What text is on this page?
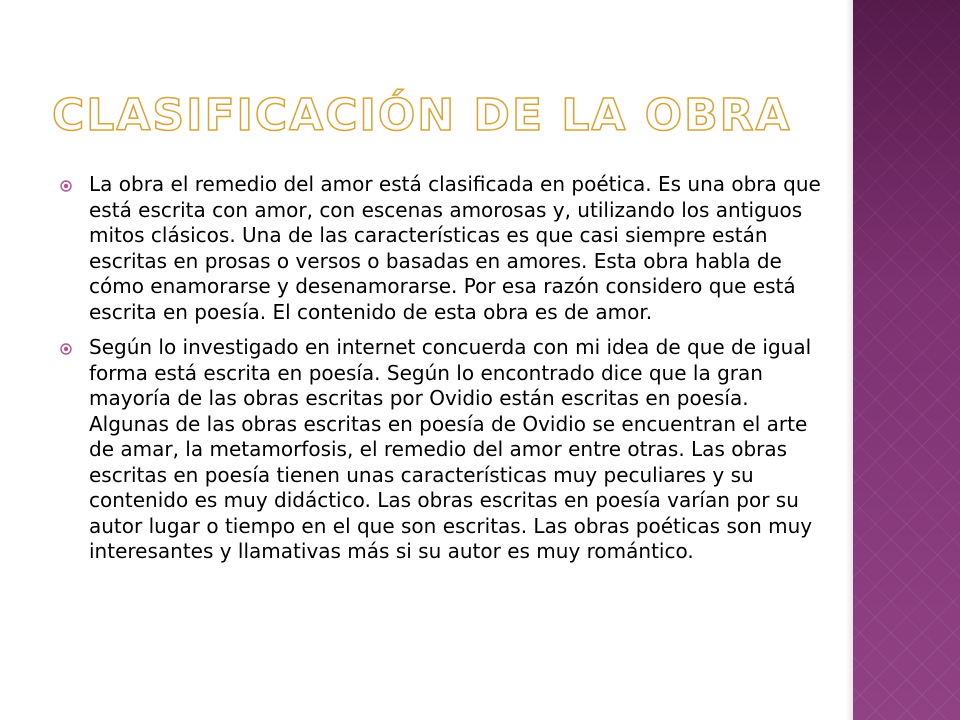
CLASIFICACIÓN DE LA OBRA

La obra el remedio del amor está clasificada en poética. Es una obra que está escrita con amor, con escenas amorosas y, utilizando los antiguos mitos clásicos. Una de las características es que casi siempre están escritas en prosas o versos o basadas en amores. Esta obra habla de cómo enamorarse y desenamorarse. Por esa razón considero que está escrita en poesía. El contenido de esta obra es de amor.

Según lo investigado en internet concuerda con mi idea de que de igual forma está escrita en poesía. Según lo encontrado dice que la gran mayoría de las obras escritas por Ovidio están escritas en poesía. Algunas de las obras escritas en poesía de Ovidio se encuentran el arte de amar, la metamorfosis, el remedio del amor entre otras. Las obras escritas en poesía tienen unas características muy peculiares y su contenido es muy didáctico. Las obras escritas en poesía varían por su autor lugar o tiempo en el que son escritas. Las obras poéticas son muy interesantes y llamativas más si su autor es muy romántico.
